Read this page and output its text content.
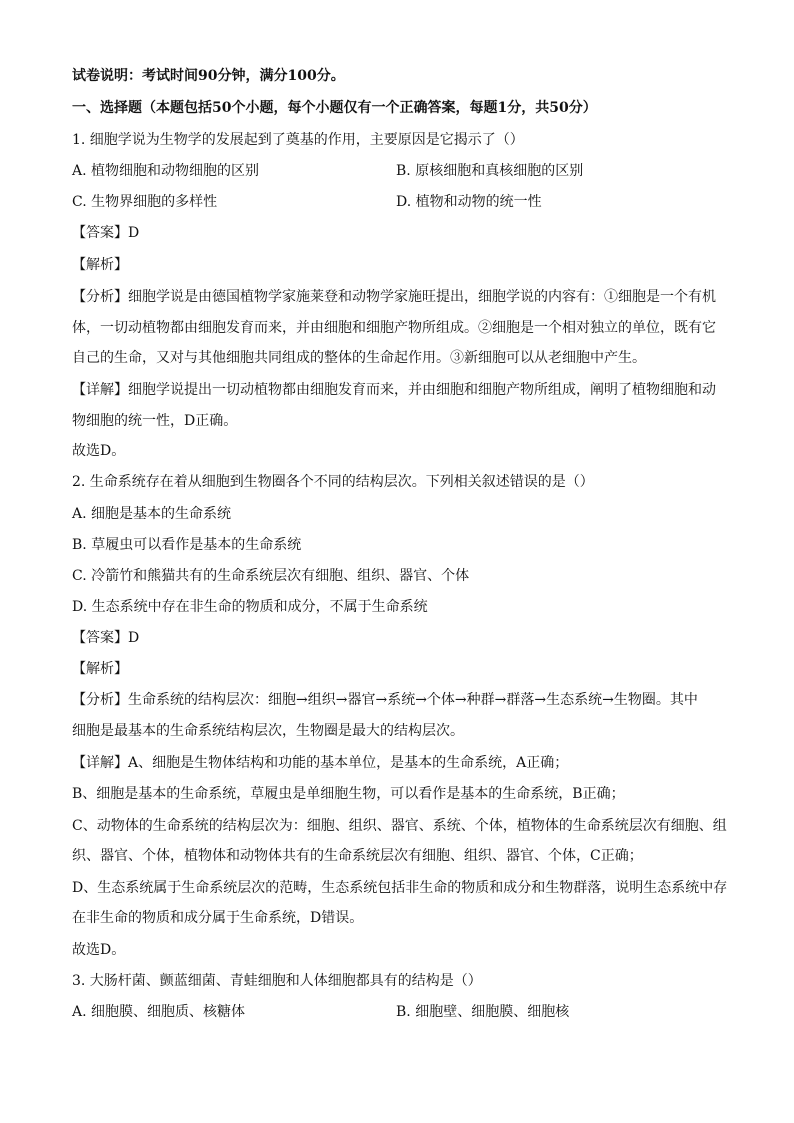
试卷说明：考试时间90分钟，满分100分。
一、选择题（本题包括50个小题，每个小题仅有一个正确答案，每题1分，共50分）
1. 细胞学说为生物学的发展起到了奠基的作用，主要原因是它揭示了（）
A. 植物细胞和动物细胞的区别	B. 原核细胞和真核细胞的区别
C. 生物界细胞的多样性	D. 植物和动物的统一性
【答案】D
【解析】
【分析】细胞学说是由德国植物学家施莱登和动物学家施旺提出，细胞学说的内容有：①细胞是一个有机
体，一切动植物都由细胞发育而来，并由细胞和细胞产物所组成。②细胞是一个相对独立的单位，既有它
自己的生命，又对与其他细胞共同组成的整体的生命起作用。③新细胞可以从老细胞中产生。
【详解】细胞学说提出一切动植物都由细胞发育而来，并由细胞和细胞产物所组成，阐明了植物细胞和动
物细胞的统一性，D正确。
故选D。
2. 生命系统存在着从细胞到生物圈各个不同的结构层次。下列相关叙述错误的是（）
A. 细胞是基本的生命系统
B. 草履虫可以看作是基本的生命系统
C. 冷箭竹和熊猫共有的生命系统层次有细胞、组织、器官、个体
D. 生态系统中存在非生命的物质和成分，不属于生命系统
【答案】D
【解析】
【分析】生命系统的结构层次：细胞→组织→器官→系统→个体→种群→群落→生态系统→生物圈。其中
细胞是最基本的生命系统结构层次，生物圈是最大的结构层次。
【详解】A、细胞是生物体结构和功能的基本单位，是基本的生命系统，A正确；
B、细胞是基本的生命系统，草履虫是单细胞生物，可以看作是基本的生命系统，B正确；
C、动物体的生命系统的结构层次为：细胞、组织、器官、系统、个体，植物体的生命系统层次有细胞、组
织、器官、个体，植物体和动物体共有的生命系统层次有细胞、组织、器官、个体，C正确；
D、生态系统属于生命系统层次的范畴，生态系统包括非生命的物质和成分和生物群落，说明生态系统中存
在非生命的物质和成分属于生命系统，D错误。
故选D。
3. 大肠杆菌、颤蓝细菌、青蛙细胞和人体细胞都具有的结构是（）
A. 细胞膜、细胞质、核糖体	B. 细胞壁、细胞膜、细胞核
